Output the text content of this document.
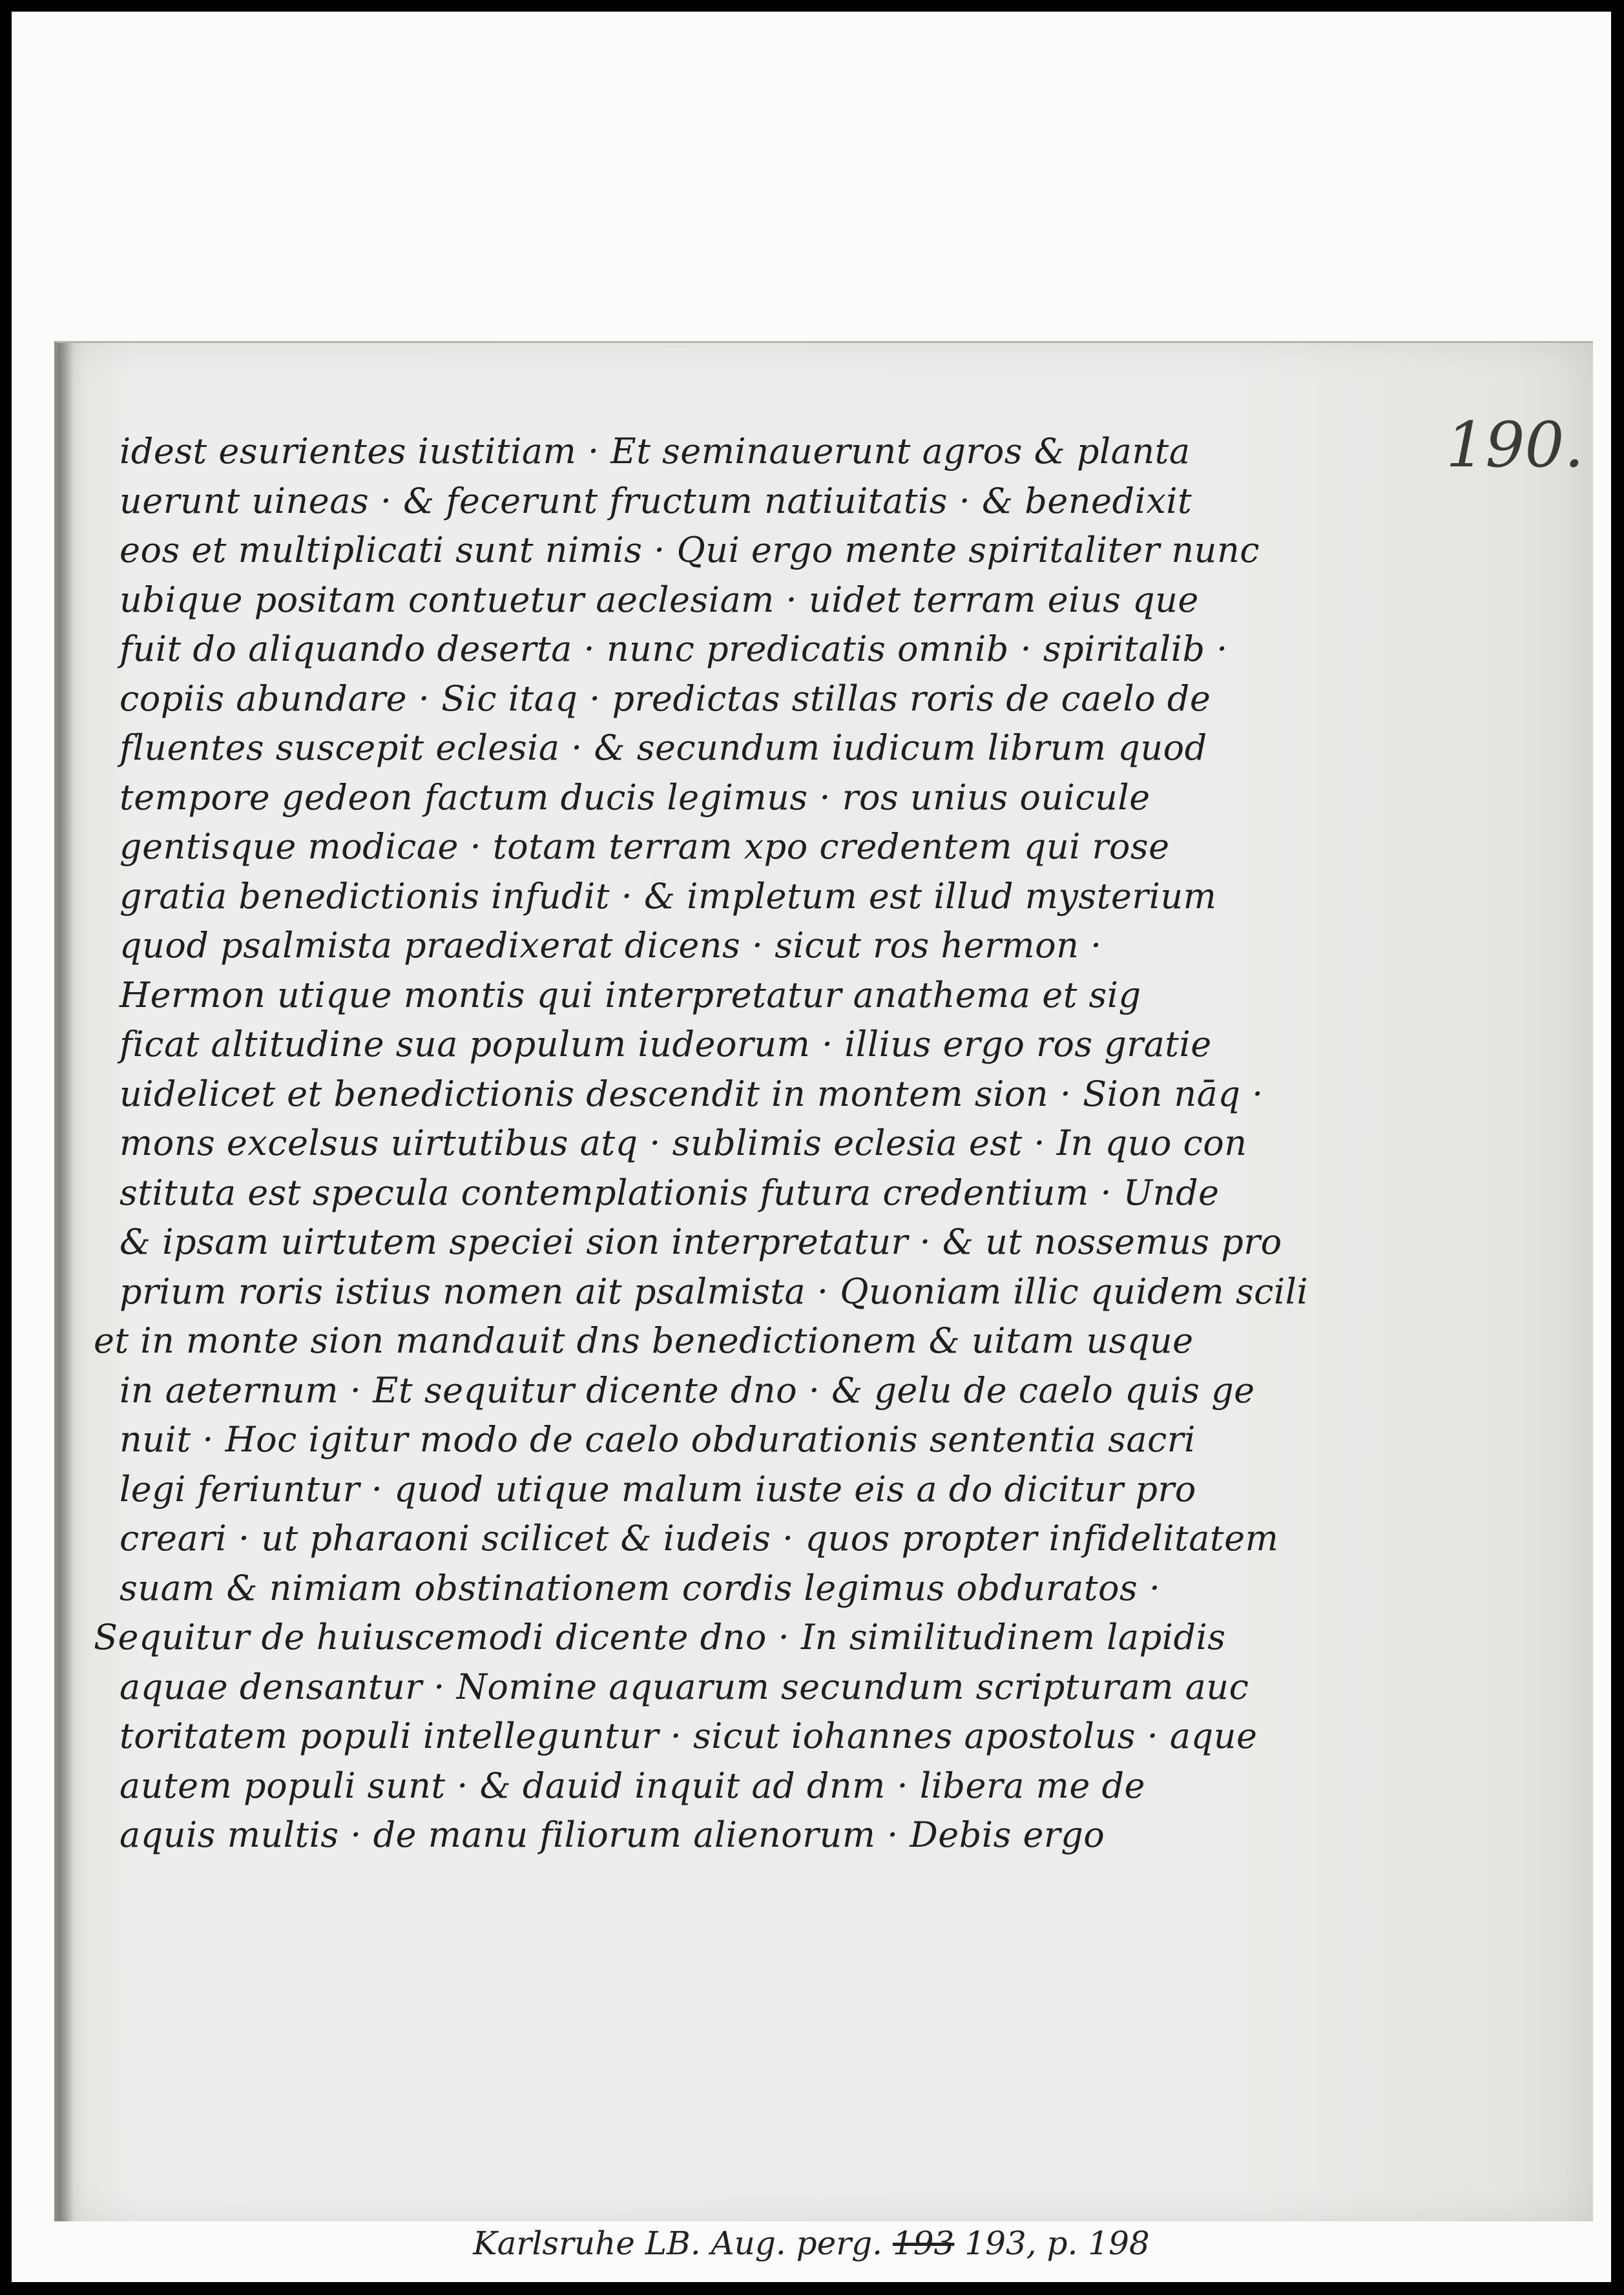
190.
idest esurientes iustitiam · Et seminauerunt agros & planta
uerunt uineas · & fecerunt fructum natiuitatis · & benedixit
eos et multiplicati sunt nimis · Qui ergo mente spiritaliter nunc
ubique positam contuetur aeclesiam · uidet terram eius que
fuit do aliquando deserta · nunc predicatis omnib · spiritalib ·
copiis abundare · Sic itaq · predictas stillas roris de caelo de
fluentes suscepit eclesia · & secundum iudicum librum quod
tempore gedeon factum ducis legimus · ros unius ouicule
gentisque modicae · totam terram xpo credentem qui rose
gratia benedictionis infudit · & impletum est illud mysterium
quod psalmista praedixerat dicens · sicut ros hermon ·
Hermon utique montis qui interpretatur anathema et sig
ficat altitudine sua populum iudeorum · illius ergo ros gratie
uidelicet et benedictionis descendit in montem sion · Sion nāq ·
mons excelsus uirtutibus atq · sublimis eclesia est · In quo con
stituta est specula contemplationis futura credentium · Unde
& ipsam uirtutem speciei sion interpretatur · & ut nossemus pro
prium roris istius nomen ait psalmista · Quoniam illic quidem scili
et in monte sion mandauit dns benedictionem & uitam usque
in aeternum · Et sequitur dicente dno · & gelu de caelo quis ge
nuit · Hoc igitur modo de caelo obdurationis sententia sacri
legi feriuntur · quod utique malum iuste eis a do dicitur pro
creari · ut pharaoni scilicet & iudeis · quos propter infidelitatem
suam & nimiam obstinationem cordis legimus obduratos ·
Sequitur de huiuscemodi dicente dno · In similitudinem lapidis
aquae densantur · Nomine aquarum secundum scripturam auc
toritatem populi intelleguntur · sicut iohannes apostolus · aque
autem populi sunt · & dauid inquit ad dnm · libera me de
aquis multis · de manu filiorum alienorum · Debis ergo
Karlsruhe LB. Aug. perg. 193 193, p. 198
